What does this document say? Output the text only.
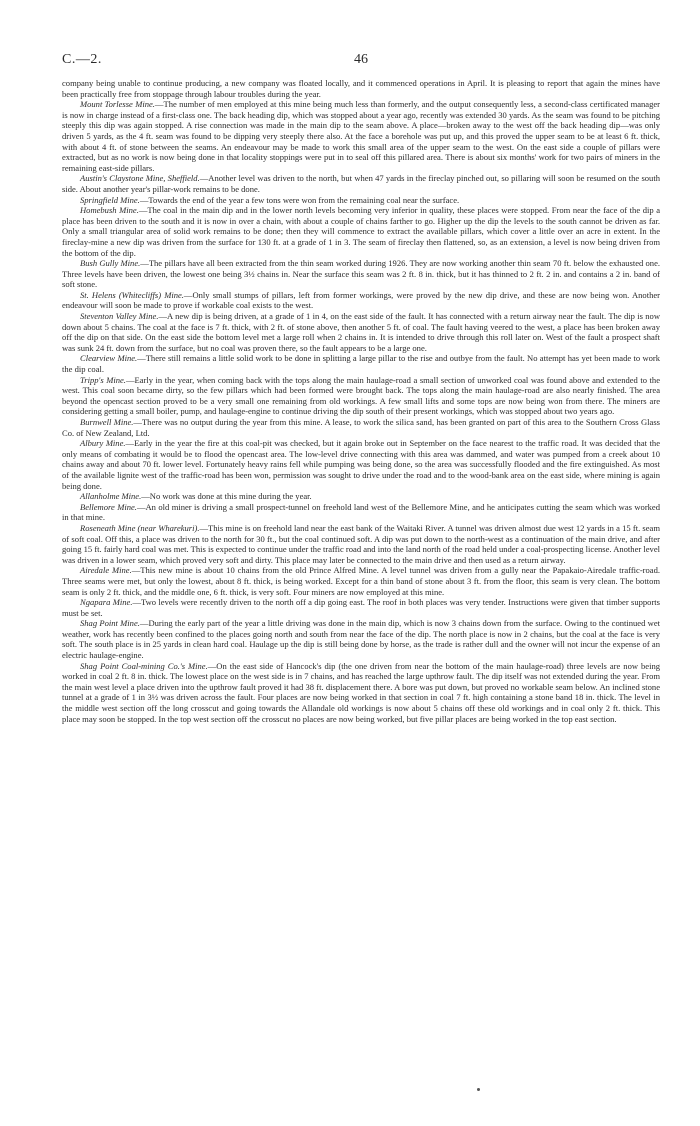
C.—2.	46

company being unable to continue producing, a new company was floated locally, and it commenced operations in April. It is pleasing to report that again the mines have been practically free from stoppage through labour troubles during the year.

Mount Torlesse Mine.—The number of men employed at this mine being much less than formerly, and the output consequently less, a second-class certificated manager is now in charge instead of a first-class one. The back heading dip, which was stopped about a year ago, recently was extended 30 yards. As the seam was found to be pitching steeply this dip was again stopped. A rise connection was made in the main dip to the seam above. A place—broken away to the west off the back heading dip—was only driven 5 yards, as the 4 ft. seam was found to be dipping very steeply there also. At the face a borehole was put up, and this proved the upper seam to be at least 6 ft. thick, with about 4 ft. of stone between the seams. An endeavour may be made to work this small area of the upper seam to the west. On the east side a couple of pillars were extracted, but as no work is now being done in that locality stoppings were put in to seal off this pillared area. There is about six months' work for two pairs of miners in the remaining east-side pillars.

Austin's Claystone Mine, Sheffield.—Another level was driven to the north, but when 47 yards in the fireclay pinched out, so pillaring will soon be resumed on the south side. About another year's pillar-work remains to be done.

Springfield Mine.—Towards the end of the year a few tons were won from the remaining coal near the surface.

Homebush Mine.—The coal in the main dip and in the lower north levels becoming very inferior in quality, these places were stopped. From near the face of the dip a place has been driven to the south and it is now in over a chain, with about a couple of chains farther to go. Higher up the dip the levels to the south cannot be driven as far. Only a small triangular area of solid work remains to be done; then they will commence to extract the available pillars, which cover a little over an acre in extent. In the fireclay-mine a new dip was driven from the surface for 130 ft. at a grade of 1 in 3. The seam of fireclay then flattened, so, as an extension, a level is now being driven from the bottom of the dip.

Bush Gully Mine.—The pillars have all been extracted from the thin seam worked during 1926. They are now working another thin seam 70 ft. below the exhausted one. Three levels have been driven, the lowest one being 3½ chains in. Near the surface this seam was 2 ft. 8 in. thick, but it has thinned to 2 ft. 2 in. and contains a 2 in. band of soft stone.

St. Helens (Whitecliffs) Mine.—Only small stumps of pillars, left from former workings, were proved by the new dip drive, and these are now being won. Another endeavour will soon be made to prove if workable coal exists to the west.

Steventon Valley Mine.—A new dip is being driven, at a grade of 1 in 4, on the east side of the fault. It has connected with a return airway near the fault. The dip is now down about 5 chains. The coal at the face is 7 ft. thick, with 2 ft. of stone above, then another 5 ft. of coal. The fault having veered to the west, a place has been broken away off the dip on that side. On the east side the bottom level met a large roll when 2 chains in. It is intended to drive through this roll later on. West of the fault a prospect shaft was sunk 24 ft. down from the surface, but no coal was proven there, so the fault appears to be a large one.

Clearview Mine.—There still remains a little solid work to be done in splitting a large pillar to the rise and outbye from the fault. No attempt has yet been made to work the dip coal.

Tripp's Mine.—Early in the year, when coming back with the tops along the main haulage-road a small section of unworked coal was found above and extended to the west. This coal soon became dirty, so the few pillars which had been formed were brought back. The tops along the main haulage-road are also nearly finished. The area beyond the opencast section proved to be a very small one remaining from old workings. A few small lifts and some tops are now being won from there. The miners are considering getting a small boiler, pump, and haulage-engine to continue driving the dip south of their present workings, which was stopped about two years ago.

Burnwell Mine.—There was no output during the year from this mine. A lease, to work the silica sand, has been granted on part of this area to the Southern Cross Glass Co. of New Zealand, Ltd.

Albury Mine.—Early in the year the fire at this coal-pit was checked, but it again broke out in September on the face nearest to the traffic road. It was decided that the only means of combating it would be to flood the opencast area. The low-level drive connecting with this area was dammed, and water was pumped from a creek about 10 chains away and about 70 ft. lower level. Fortunately heavy rains fell while pumping was being done, so the area was successfully flooded and the fire extinguished. As most of the available lignite west of the traffic-road has been won, permission was sought to drive under the road and to the wood-bank area on the east side, where mining is again being done.

Allanholme Mine.—No work was done at this mine during the year.

Bellemore Mine.—An old miner is driving a small prospect-tunnel on freehold land west of the Bellemore Mine, and he anticipates cutting the seam which was worked in that mine.

Roseneath Mine (near Wharekuri).—This mine is on freehold land near the east bank of the Waitaki River. A tunnel was driven almost due west 12 yards in a 15 ft. seam of soft coal. Off this, a place was driven to the north for 30 ft., but the coal continued soft. A dip was put down to the north-west as a continuation of the main drive, and after going 15 ft. fairly hard coal was met. This is expected to continue under the traffic road and into the land north of the road held under a coal-prospecting license. Another level was driven in a lower seam, which proved very soft and dirty. This place may later be connected to the main drive and then used as a return airway.

Airedale Mine.—This new mine is about 10 chains from the old Prince Alfred Mine. A level tunnel was driven from a gully near the Papakaio-Airedale traffic-road. Three seams were met, but only the lowest, about 8 ft. thick, is being worked. Except for a thin band of stone about 3 ft. from the floor, this seam is very clean. The bottom seam is only 2 ft. thick, and the middle one, 6 ft. thick, is very soft. Four miners are now employed at this mine.

Ngapara Mine.—Two levels were recently driven to the north off a dip going east. The roof in both places was very tender. Instructions were given that timber supports must be set.

Shag Point Mine.—During the early part of the year a little driving was done in the main dip, which is now 3 chains down from the surface. Owing to the continued wet weather, work has recently been confined to the places going north and south from near the face of the dip. The north place is now in 2 chains, but the coal at the face is very soft. The south place is in 25 yards in clean hard coal. Haulage up the dip is still being done by horse, as the trade is rather dull and the owner will not incur the expense of an electric haulage-engine.

Shag Point Coal-mining Co.'s Mine.—On the east side of Hancock's dip (the one driven from near the bottom of the main haulage-road) three levels are now being worked in coal 2 ft. 8 in. thick. The lowest place on the west side is in 7 chains, and has reached the large upthrow fault. The dip itself was not extended during the year. From the main west level a place driven into the upthrow fault proved it had 38 ft. displacement there. A bore was put down, but proved no workable seam below. An inclined stone tunnel at a grade of 1 in 3½ was driven across the fault. Four places are now being worked in that section in coal 7 ft. high containing a stone band 18 in. thick. The level in the middle west section off the long crosscut and going towards the Allandale old workings is now about 5 chains off these old workings and in coal only 2 ft. thick. This place may soon be stopped. In the top west section off the crosscut no places are now being worked, but five pillar places are being worked in the top east section.
